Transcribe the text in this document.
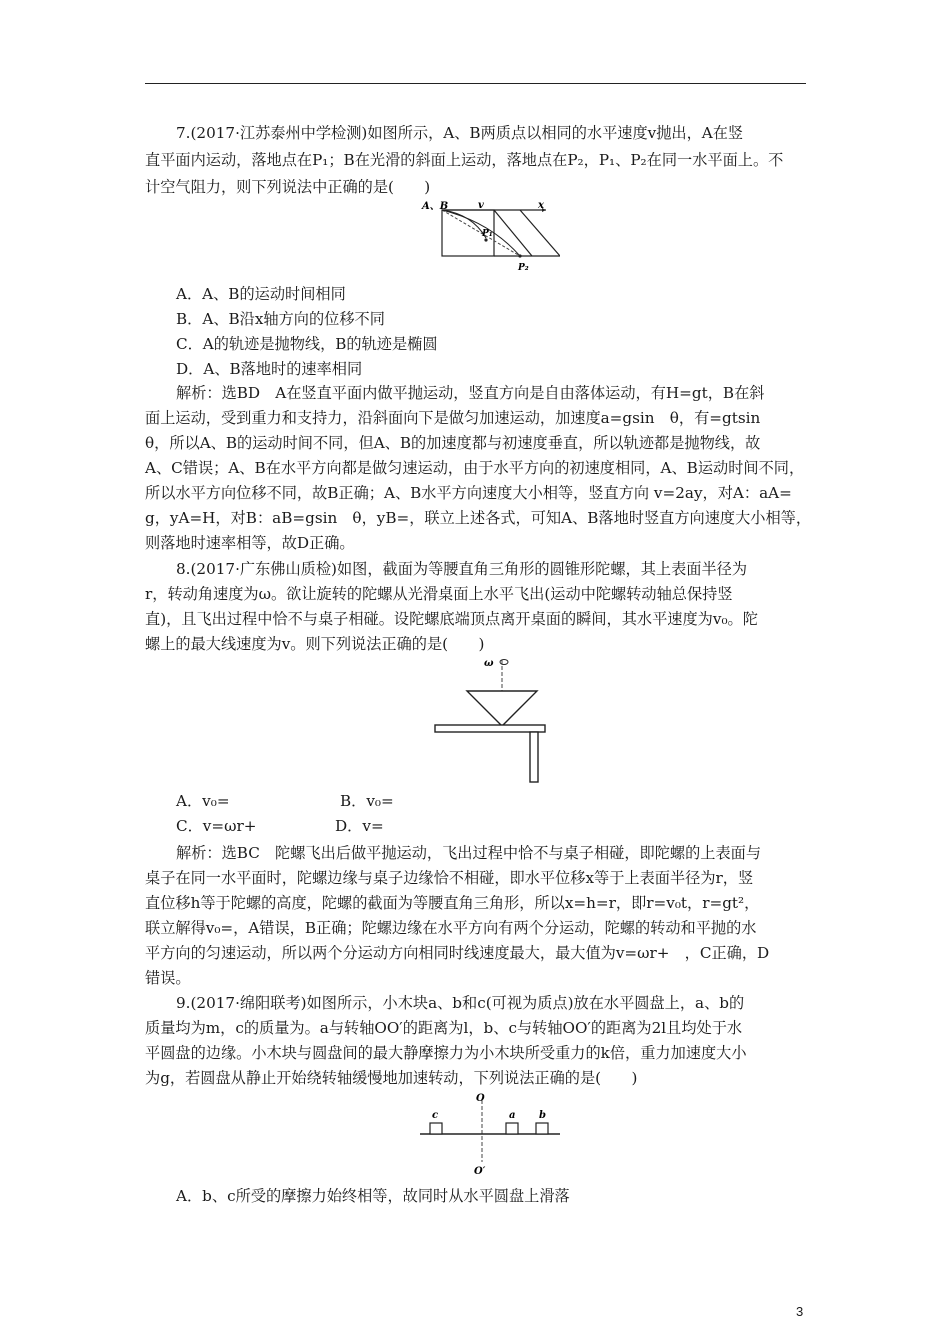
7.(2017·江苏泰州中学检测)如图所示，A、B两质点以相同的水平速度v抛出，A在竖
直平面内运动，落地点在P₁；B在光滑的斜面上运动，落地点在P₂，P₁、P₂在同一水平面上。不
计空气阻力，则下列说法中正确的是(　　)
A、B	v	x
P₁
P₂
A．A、B的运动时间相同
B．A、B沿x轴方向的位移不同
C．A的轨迹是抛物线，B的轨迹是椭圆
D．A、B落地时的速率相同
解析：选BD　A在竖直平面内做平抛运动，竖直方向是自由落体运动，有H=gt，B在斜
面上运动，受到重力和支持力，沿斜面向下是做匀加速运动，加速度a=gsin　θ，有=gtsin
θ，所以A、B的运动时间不同，但A、B的加速度都与初速度垂直，所以轨迹都是抛物线，故
A、C错误；A、B在水平方向都是做匀速运动，由于水平方向的初速度相同，A、B运动时间不同，
所以水平方向位移不同，故B正确；A、B水平方向速度大小相等，竖直方向 v=2ay，对A：aA=
g，yA=H，对B：aB=gsin　θ，yB=，联立上述各式，可知A、B落地时竖直方向速度大小相等，
则落地时速率相等，故D正确。
8.(2017·广东佛山质检)如图，截面为等腰直角三角形的圆锥形陀螺，其上表面半径为
r，转动角速度为ω。欲让旋转的陀螺从光滑桌面上水平飞出(运动中陀螺转动轴总保持竖
直)，且飞出过程中恰不与桌子相碰。设陀螺底端顶点离开桌面的瞬间，其水平速度为v₀。陀
螺上的最大线速度为v。则下列说法正确的是(　　)
ω
A．v₀=	B．v₀=
C．v=ωr+	D．v=
解析：选BC　陀螺飞出后做平抛运动，飞出过程中恰不与桌子相碰，即陀螺的上表面与
桌子在同一水平面时，陀螺边缘与桌子边缘恰不相碰，即水平位移x等于上表面半径为r，竖
直位移h等于陀螺的高度，陀螺的截面为等腰直角三角形，所以x=h=r，即r=v₀t，r=gt²，
联立解得v₀=，A错误，B正确；陀螺边缘在水平方向有两个分运动，陀螺的转动和平抛的水
平方向的匀速运动，所以两个分运动方向相同时线速度最大，最大值为v=ωr+　，C正确，D
错误。
9.(2017·绵阳联考)如图所示，小木块a、b和c(可视为质点)放在水平圆盘上，a、b的
质量均为m，c的质量为。a与转轴OO′的距离为l，b、c与转轴OO′的距离为2l且均处于水
平圆盘的边缘。小木块与圆盘间的最大静摩擦力为小木块所受重力的k倍，重力加速度大小
为g，若圆盘从静止开始绕转轴缓慢地加速转动，下列说法正确的是(　　)
O
O′
c	a b
A．b、c所受的摩擦力始终相等，故同时从水平圆盘上滑落
3
